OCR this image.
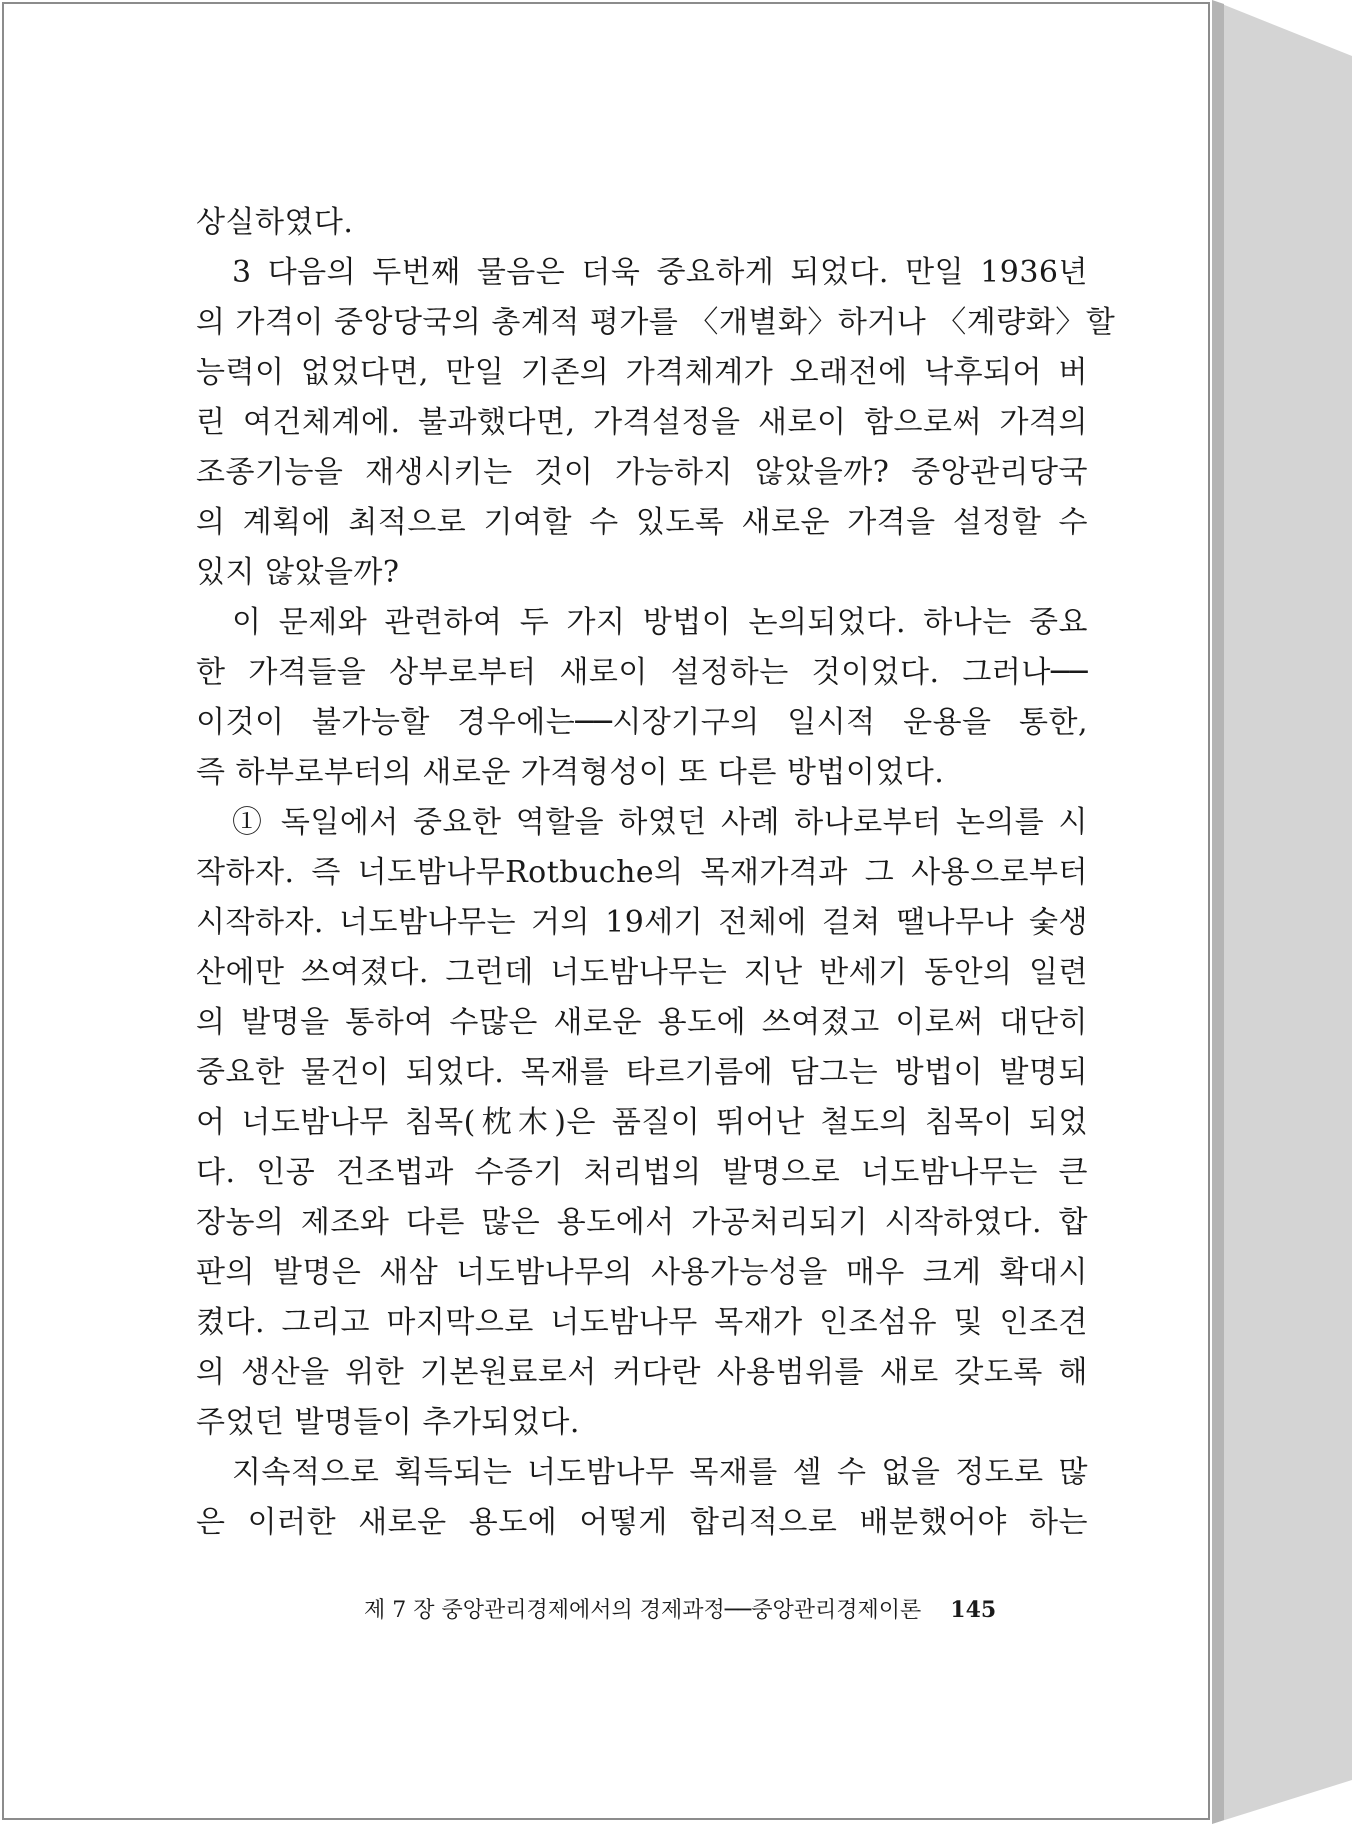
상실하였다.
3 다음의 두번째 물음은 더욱 중요하게 되었다. 만일 1936년
의 가격이 중앙당국의 총계적 평가를 〈개별화〉하거나 〈계량화〉할
능력이 없었다면, 만일 기존의 가격체계가 오래전에 낙후되어 버
린 여건체계에. 불과했다면, 가격설정을 새로이 함으로써 가격의
조종기능을 재생시키는 것이 가능하지 않았을까? 중앙관리당국
의 계획에 최적으로 기여할 수 있도록 새로운 가격을 설정할 수
있지 않았을까?
이 문제와 관련하여 두 가지 방법이 논의되었다. 하나는 중요
한 가격들을 상부로부터 새로이 설정하는 것이었다. 그러나──
이것이 불가능할 경우에는──시장기구의 일시적 운용을 통한,
즉 하부로부터의 새로운 가격형성이 또 다른 방법이었다.
① 독일에서 중요한 역할을 하였던 사례 하나로부터 논의를 시
작하자. 즉 너도밤나무Rotbuche의 목재가격과 그 사용으로부터
시작하자. 너도밤나무는 거의 19세기 전체에 걸쳐 땔나무나 숯생
산에만 쓰여졌다. 그런데 너도밤나무는 지난 반세기 동안의 일련
의 발명을 통하여 수많은 새로운 용도에 쓰여졌고 이로써 대단히
중요한 물건이 되었다. 목재를 타르기름에 담그는 방법이 발명되
어 너도밤나무 침목(枕木)은 품질이 뛰어난 철도의 침목이 되었
다. 인공 건조법과 수증기 처리법의 발명으로 너도밤나무는 큰
장농의 제조와 다른 많은 용도에서 가공처리되기 시작하였다. 합
판의 발명은 새삼 너도밤나무의 사용가능성을 매우 크게 확대시
켰다. 그리고 마지막으로 너도밤나무 목재가 인조섬유 및 인조견
의 생산을 위한 기본원료로서 커다란 사용범위를 새로 갖도록 해
주었던 발명들이 추가되었다.
지속적으로 획득되는 너도밤나무 목재를 셀 수 없을 정도로 많
은 이러한 새로운 용도에 어떻게 합리적으로 배분했어야 하는
제 7 장 중앙관리경제에서의 경제과정──중앙관리경제이론 145
